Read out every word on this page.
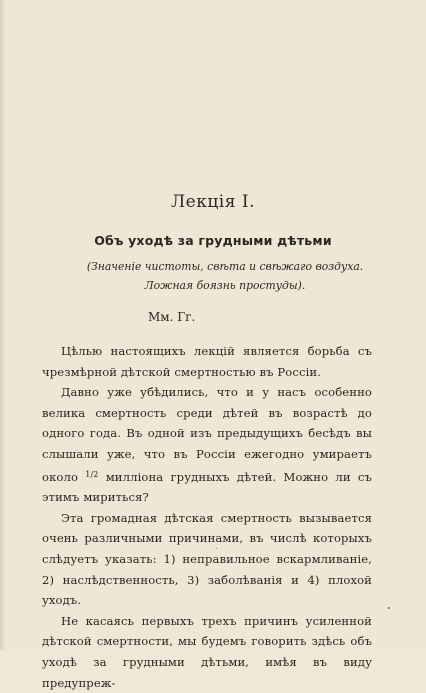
Лекція I.
Объ уходѣ за грудными дѣтьми

(Значеніе чистоты, свѣта и свѣжаго воздуха. Ложная боязнь простуды).

Мм. Гг.

Цѣлью настоящихъ лекцій является борьба съ чрезмѣрной дѣтской смертностью въ Россіи.

Давно уже убѣдились, что и у насъ особенно велика смертность среди дѣтей въ возрастѣ до одного года. Въ одной изъ предыдущихъ бесѣдъ вы слышали уже, что въ Россіи ежегодно умираетъ около $^{1/2}$ милліона грудныхъ дѣтей. Можно ли съ этимъ мириться?

Эта громадная дѣтская смертность вызывается очень различными причинами, въ числѣ которыхъ слѣдуетъ указать: 1) неправильное вскармливаніе, 2) наслѣдственность, 3) заболѣванія и 4) плохой уходъ.

Не касаясь первыхъ трехъ причинъ усиленной дѣтской смертности, мы будемъ говорить здѣсь объ уходѣ за грудными дѣтьми, имѣя въ виду предупреж-
